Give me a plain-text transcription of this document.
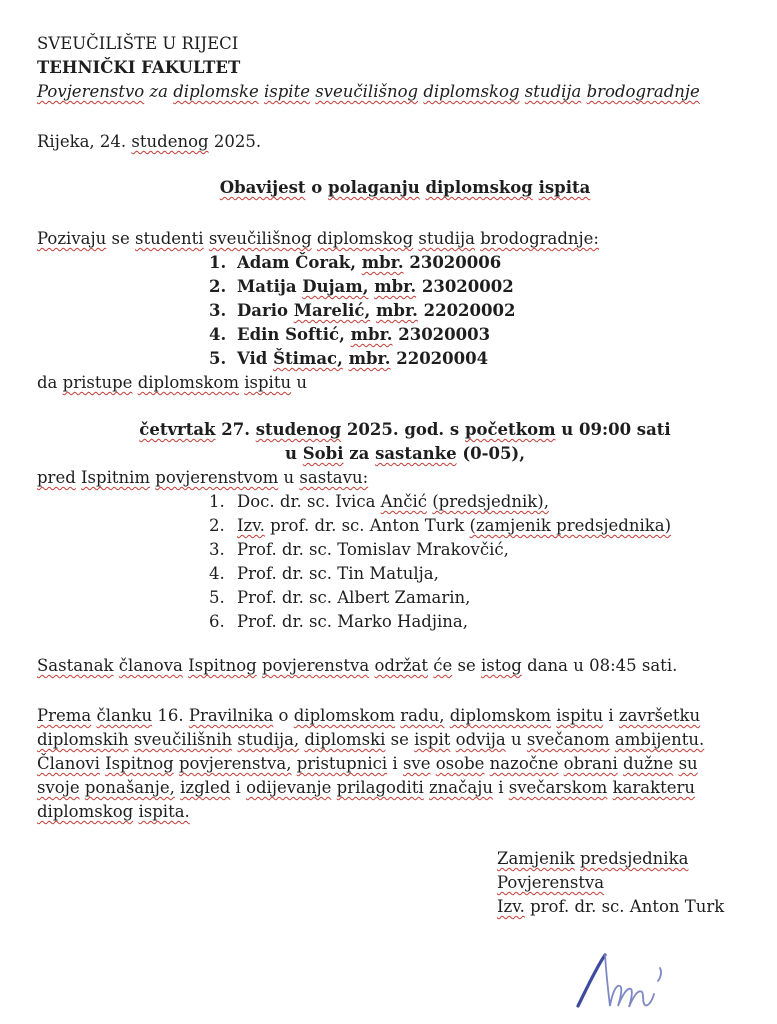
SVEUČILIŠTE U RIJECI
TEHNIČKI FAKULTET
Povjerenstvo za diplomske ispite sveučilišnog diplomskog studija brodogradnje
Rijeka, 24. studenog 2025.
Obavijest o polaganju diplomskog ispita
Pozivaju se studenti sveučilišnog diplomskog studija brodogradnje:
1. Adam Čorak, mbr. 23020006
2. Matija Dujam, mbr. 23020002
3. Dario Marelić, mbr. 22020002
4. Edin Softić, mbr. 23020003
5. Vid Štimac, mbr. 22020004
da pristupe diplomskom ispitu u
četvrtak 27. studenog 2025. god. s početkom u 09:00 sati
u Sobi za sastanke (0-05),
pred Ispitnim povjerenstvom u sastavu:
1. Doc. dr. sc. Ivica Ančić (predsjednik),
2. Izv. prof. dr. sc. Anton Turk (zamjenik predsjednika)
3. Prof. dr. sc. Tomislav Mrakovčić,
4. Prof. dr. sc. Tin Matulja,
5. Prof. dr. sc. Albert Zamarin,
6. Prof. dr. sc. Marko Hadjina,
Sastanak članova Ispitnog povjerenstva održat će se istog dana u 08:45 sati.
Prema članku 16. Pravilnika o diplomskom radu, diplomskom ispitu i završetku
diplomskih sveučilišnih studija, diplomski se ispit odvija u svečanom ambijentu.
Članovi Ispitnog povjerenstva, pristupnici i sve osobe nazočne obrani dužne su
svoje ponašanje, izgled i odijevanje prilagoditi značaju i svečarskom karakteru
diplomskog ispita.
Zamjenik predsjednika
Povjerenstva
Izv. prof. dr. sc. Anton Turk
